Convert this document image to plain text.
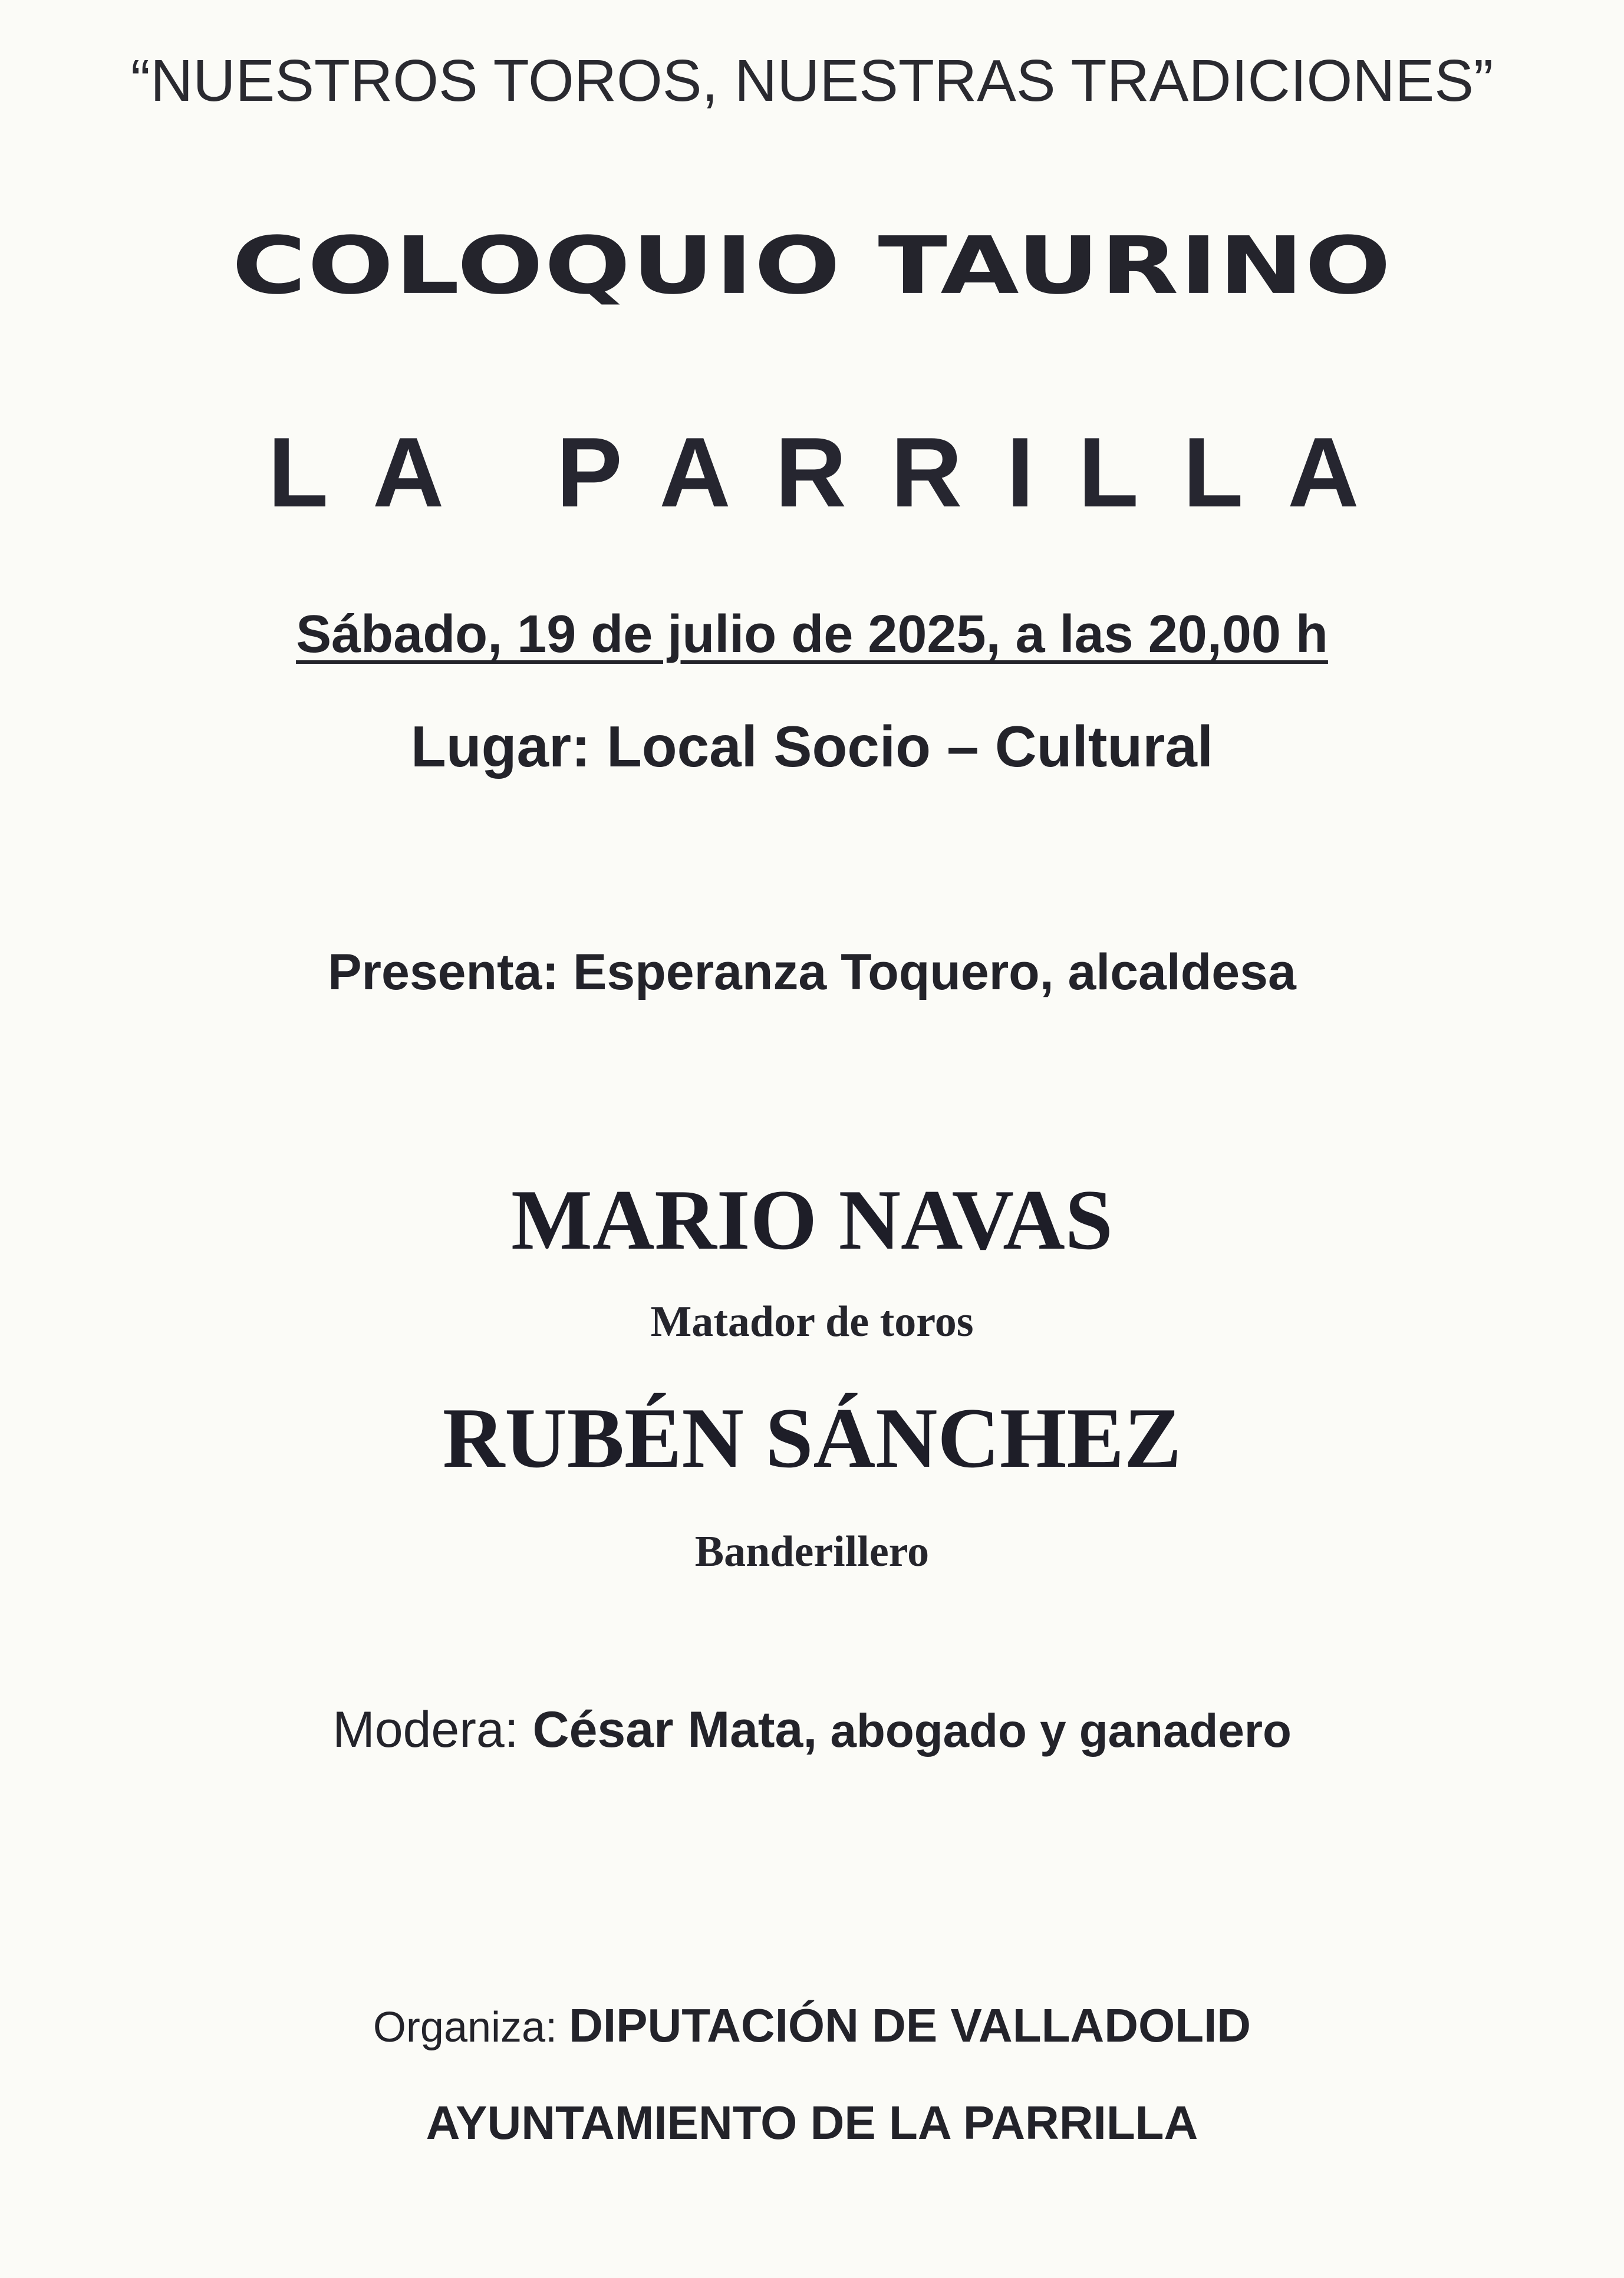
“NUESTROS TOROS, NUESTRAS TRADICIONES”
COLOQUIO TAURINO
LA PARRILLA
Sábado, 19 de julio de 2025, a las 20,00 h
Lugar: Local Socio – Cultural
Presenta: Esperanza Toquero, alcaldesa
MARIO NAVAS
Matador de toros
RUBÉN SÁNCHEZ
Banderillero
Modera: César Mata, abogado y ganadero
Organiza: DIPUTACIÓN DE VALLADOLID
AYUNTAMIENTO DE LA PARRILLA
